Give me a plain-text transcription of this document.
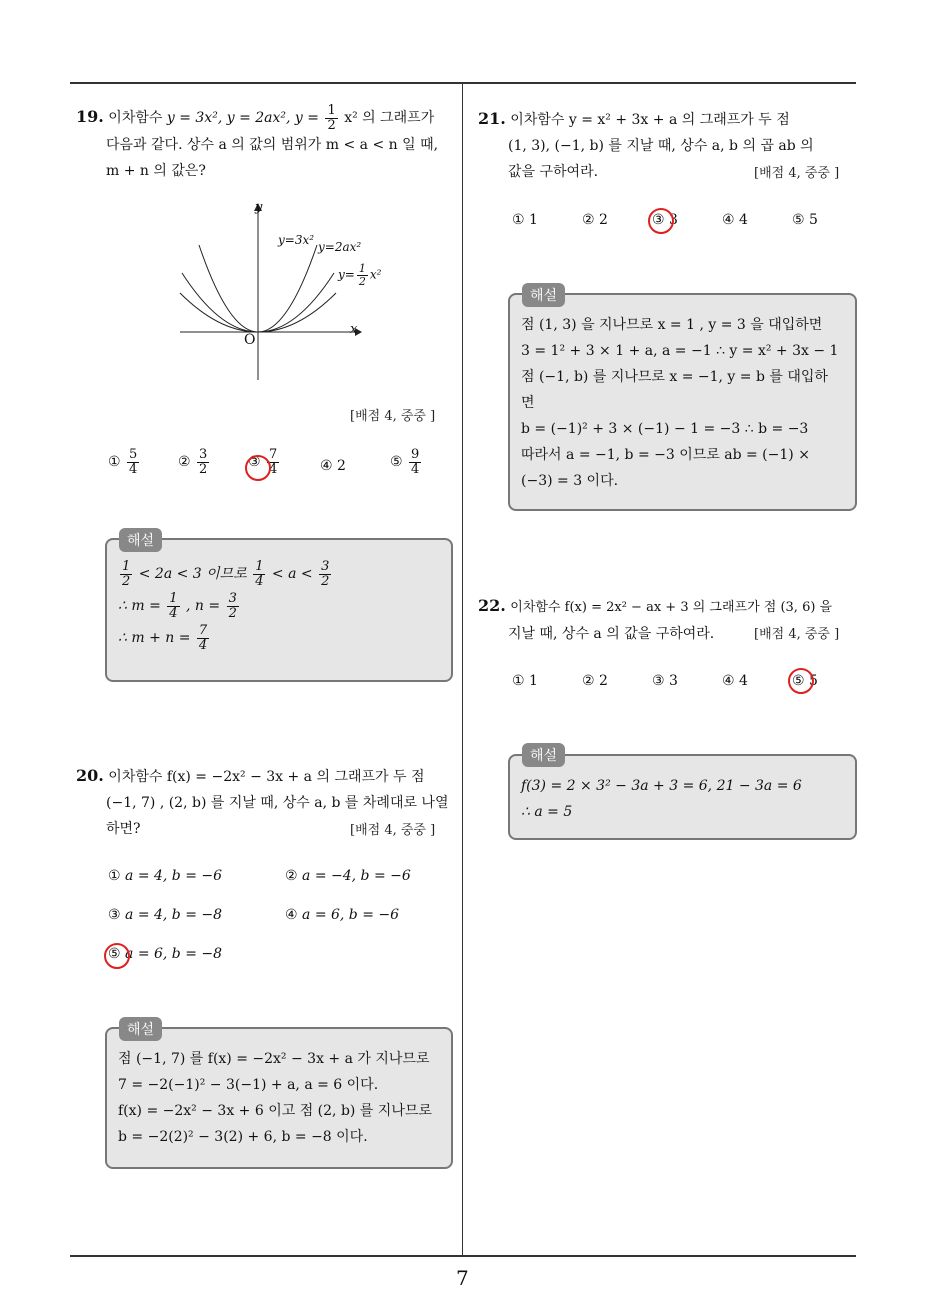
7
19. 이차함수 y = 3x², y = 2ax², $y = \frac{1}{2} x^2$ 의 그래프가
다음과 같다. 상수 a 의 값의 범위가 m < a < n 일 때,
m + n 의 값은?
y
x
O
y=3x² y=2ax²
$y= \frac{1}{2} x^2$
[배점 4, 중중 ]
① $\frac{5}{4}$	② $\frac{3}{2}$	③ $\frac{7}{4}$	④ 2	⑤ $\frac{9}{4}$
해설
$\frac{1}{2} < 2a < 3$ 이므로 $\frac{1}{4} < a < \frac{3}{2}$
∴ $m = \frac{1}{4}$ , $n = \frac{3}{2}$
∴ $m + n = \frac{7}{4}$
20. 이차함수 f(x) = −2x² − 3x + a 의 그래프가 두 점
(−1, 7) , (2, b) 를 지날 때, 상수 a, b 를 차례대로 나열
하면?	[배점 4, 중중 ]
① a = 4, b = −6	② a = −4, b = −6
③ a = 4, b = −8	④ a = 6, b = −6
⑤ a = 6, b = −8
해설
점 (−1, 7) 를 f(x) = −2x² − 3x + a 가 지나므로
7 = −2(−1)² − 3(−1) + a, a = 6 이다.
f(x) = −2x² − 3x + 6 이고 점 (2, b) 를 지나므로
b = −2(2)² − 3(2) + 6, b = −8 이다.
21. 이차함수 y = x² + 3x + a 의 그래프가 두 점
(1, 3), (−1, b) 를 지날 때, 상수 a, b 의 곱 ab 의
값을 구하여라.	[배점 4, 중중 ]
① 1	② 2	③ 3	④ 4	⑤ 5
해설
점 (1, 3) 을 지나므로 x = 1 , y = 3 을 대입하면
3 = 1² + 3 × 1 + a, a = −1 ∴ y = x² + 3x − 1
점 (−1, b) 를 지나므로 x = −1, y = b 를 대입하
면
b = (−1)² + 3 × (−1) − 1 = −3 ∴ b = −3
따라서 a = −1, b = −3 이므로 ab = (−1) ×
(−3) = 3 이다.
22. 이차함수 f(x) = 2x² − ax + 3 의 그래프가 점 (3, 6) 을
지날 때, 상수 a 의 값을 구하여라.	[배점 4, 중중 ]
① 1	② 2	③ 3	④ 4	⑤ 5
해설
f(3) = 2 × 3² − 3a + 3 = 6, 21 − 3a = 6
∴ a = 5
